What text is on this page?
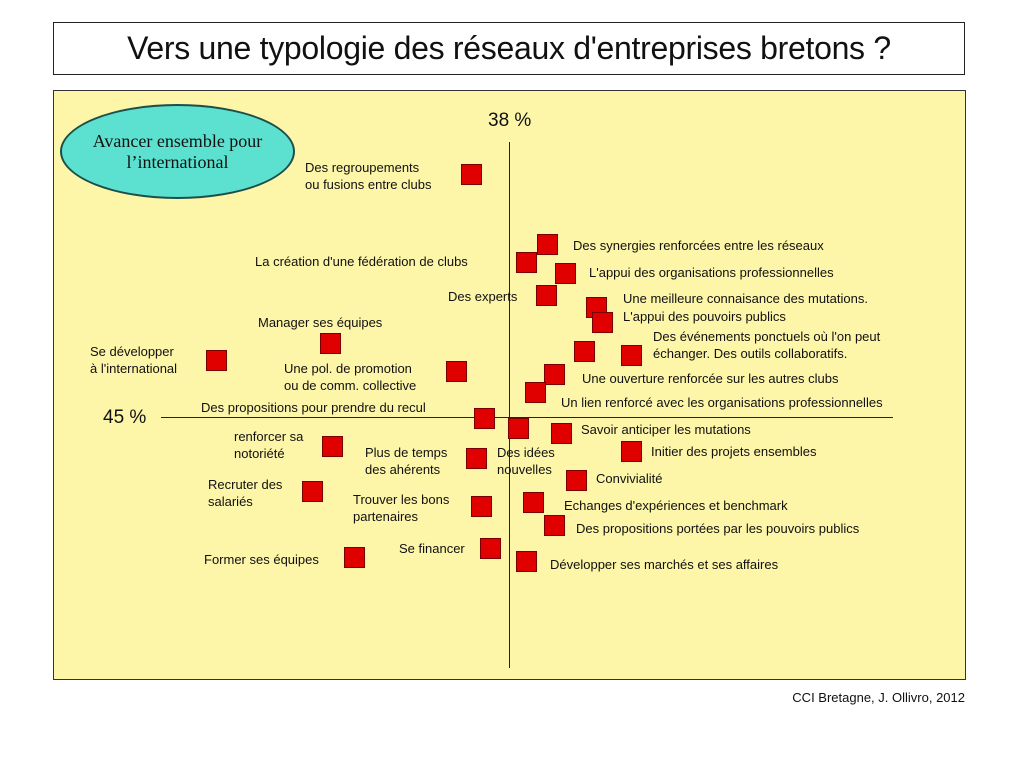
Vers une typologie des réseaux d'entreprises bretons ?
38 %
45 %
Avancer ensemble pour l’international	Des regroupements
ou fusions entre clubs
Des synergies renforcées entre les réseaux
La création d'une fédération de clubs
L'appui des organisations professionnelles
Des experts	Une meilleure connaisance des mutations.
L'appui des pouvoirs publics
Manager ses équipes
Des événements ponctuels où l'on peut
échanger. Des outils collaboratifs.
Se développer
à l'international	Une pol. de promotion
ou de comm. collective	Une ouverture renforcée sur les autres clubs
Un lien renforcé avec les organisations professionnelles
Des propositions pour prendre du recul
Savoir anticiper les mutations
renforcer sa
notoriété	Plus de temps
des ahérents
Des idées
nouvelles
Initier des projets ensembles
Convivialité
Recruter des
salariés	Trouver les bons
partenaires
Echanges d'expériences et benchmark
Des propositions portées par les pouvoirs publics
Se financer
Former ses équipes	Développer ses marchés et ses affaires
CCI Bretagne, J. Ollivro, 2012
